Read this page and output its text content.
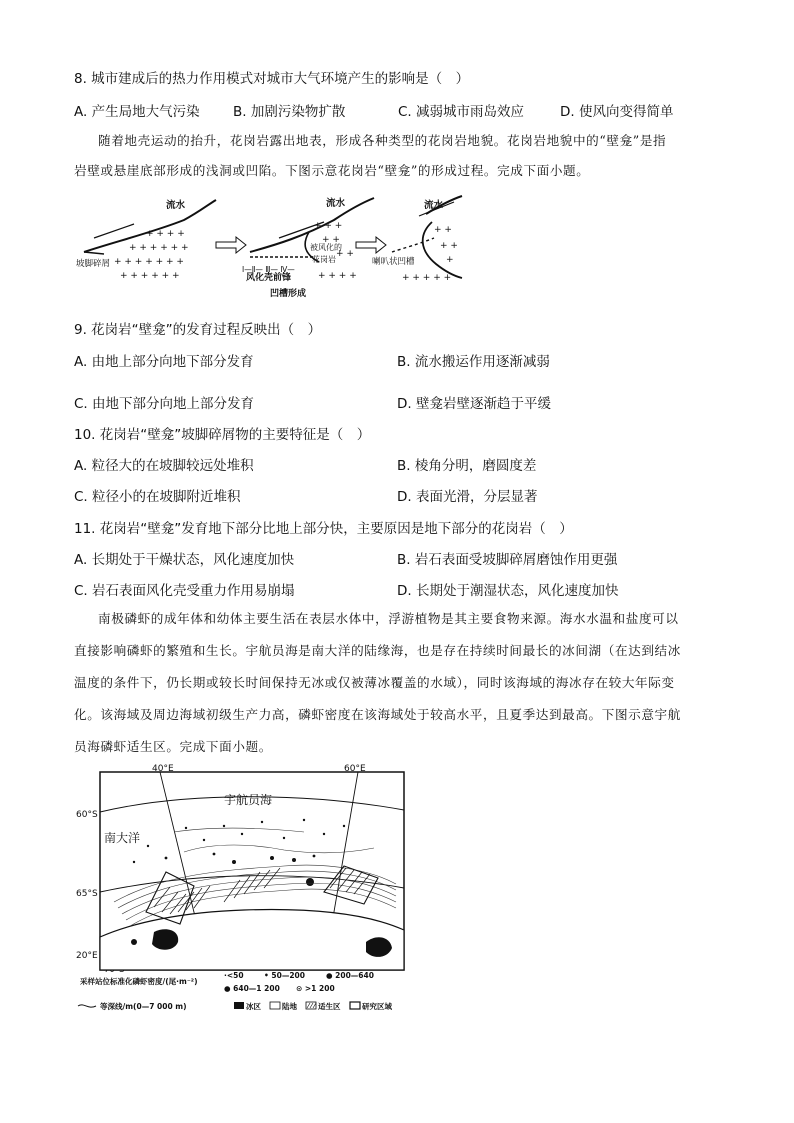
8. 城市建成后的热力作用模式对城市大气环境产生的影响是（　）
A. 产生局地大气污染 B. 加剧污染物扩散	C. 减弱城市雨岛效应	D. 使风向变得简单

随着地壳运动的抬升，花岗岩露出地表，形成各种类型的花岗岩地貌。花岗岩地貌中的“壁龛”是指

岩壁或悬崖底部形成的浅洞或凹陷。下图示意花岗岩“壁龛”的形成过程。完成下面小题。

+ + + +
+ + + + + +
+ + + + + + +
+ + + + + +
+ + +
+ +
+ +
+ + + +
+ +
+ +
+
+ + + + +
流水	流水	流水
坡脚碎屑
被风化的
花岗岩
I—Ⅱ— Ⅲ— Ⅳ—
风化壳前锋
凹槽形成
喇叭状凹槽
9. 花岗岩“壁龛”的发育过程反映出（　）
A. 由地上部分向地下部分发育	B. 流水搬运作用逐渐减弱
C. 由地下部分向地上部分发育	D. 壁龛岩壁逐渐趋于平缓
10. 花岗岩“壁龛”坡脚碎屑物的主要特征是（　）
A. 粒径大的在坡脚较远处堆积	B. 棱角分明，磨圆度差
C. 粒径小的在坡脚附近堆积	D. 表面光滑，分层显著
11. 花岗岩“壁龛”发育地下部分比地上部分快，主要原因是地下部分的花岗岩（　）
A. 长期处于干燥状态，风化速度加快	B. 岩石表面受坡脚碎屑磨蚀作用更强
C. 岩石表面风化壳受重力作用易崩塌	D. 长期处于潮湿状态，风化速度加快

南极磷虾的成年体和幼体主要生活在表层水体中，浮游植物是其主要食物来源。海水水温和盐度可以

直接影响磷虾的繁殖和生长。宇航员海是南大洋的陆缘海，也是存在持续时间最长的冰间湖（在达到结冰

温度的条件下，仍长期或较长时间保持无冰或仅被薄冰覆盖的水域），同时该海域的海冰存在较大年际变

化。该海域及周边海域初级生产力高，磷虾密度在该海域处于较高水平，且夏季达到最高。下图示意宇航

员海磷虾适生区。完成下面小题。

40°E	60°E
60°S
65°S
20°E
宇航员海
南大洋
采样站位标准化磷虾密度/(尾·m⁻²)
·<50	• 50—200	● 200—640
● 640—1 200 ⊙ >1 200
等深线/m(0—7 000 m)	冰区	陆地	适生区	研究区域
